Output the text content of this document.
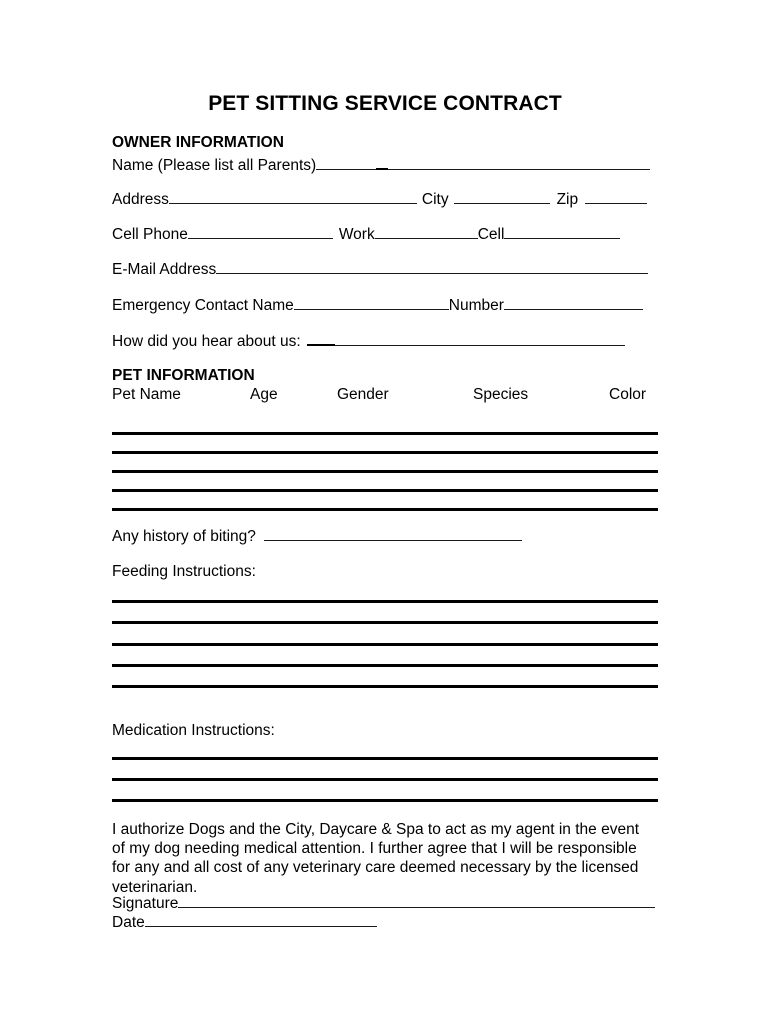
PET SITTING SERVICE CONTRACT
OWNER INFORMATION
Name (Please list all Parents)
Address	City	Zip
Cell Phone	Work	Cell
E-Mail Address
Emergency Contact Name	Number
How did you hear about us:
PET INFORMATION
Pet Name	Age	Gender	Species	Color
Any history of biting?
Feeding Instructions:
Medication Instructions:
I authorize Dogs and the City, Daycare & Spa to act as my agent in the event of my dog needing medical attention. I further agree that I will be responsible for any and all cost of any veterinary care deemed necessary by the licensed veterinarian.
Signature
Date
